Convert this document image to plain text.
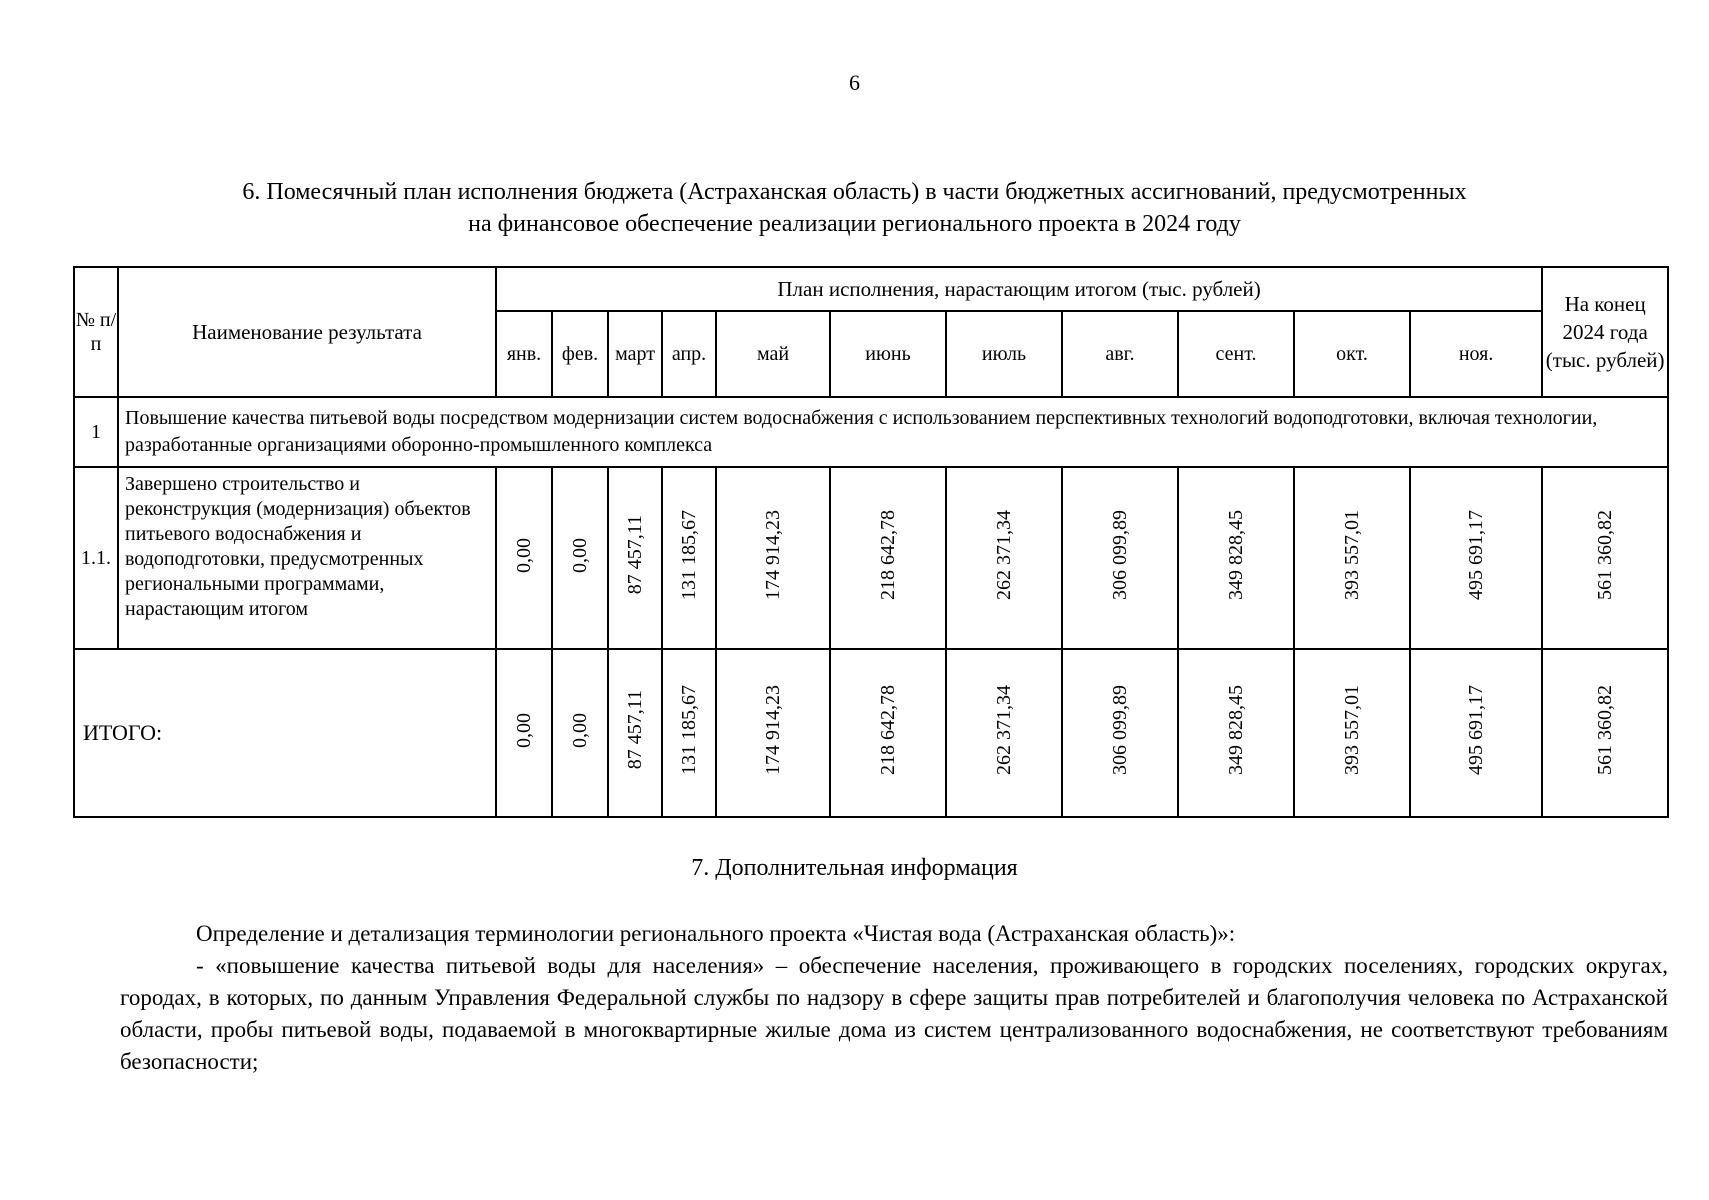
6
6. Помесячный план исполнения бюджета (Астраханская область) в части бюджетных ассигнований, предусмотренных
на финансовое обеспечение реализации регионального проекта в 2024 году
№ п/п	Наименование результата	План исполнения, нарастающим итогом (тыс. рублей)											На конец 2024 года (тыс. рублей)
		янв.	фев.	март	апр.	май	июнь	июль	авг.	сент.	окт.	ноя.	
1	Повышение качества питьевой воды посредством модернизации систем водоснабжения с использованием перспективных технологий водоподготовки, включая технологии, разработанные организациями оборонно-промышленного комплекса												
1.1.	Завершено строительство и реконструкция (модернизация) объектов питьевого водоснабжения и водоподготовки, предусмотренных региональными программами, нарастающим итогом	0,00	0,00	87 457,11	131 185,67	174 914,23	218 642,78	262 371,34	306 099,89	349 828,45	393 557,01	495 691,17	561 360,82
ИТОГО:		0,00	0,00	87 457,11	131 185,67	174 914,23	218 642,78	262 371,34	306 099,89	349 828,45	393 557,01	495 691,17	561 360,82
7. Дополнительная информация

Определение и детализация терминологии регионального проекта «Чистая вода (Астраханская область)»:

- «повышение качества питьевой воды для населения» – обеспечение населения, проживающего в городских поселениях, городских округах, городах, в которых, по данным Управления Федеральной службы по надзору в сфере защиты прав потребителей и благополучия человека по Астраханской области, пробы питьевой воды, подаваемой в многоквартирные жилые дома из систем централизованного водоснабжения, не соответствуют требованиям безопасности;
